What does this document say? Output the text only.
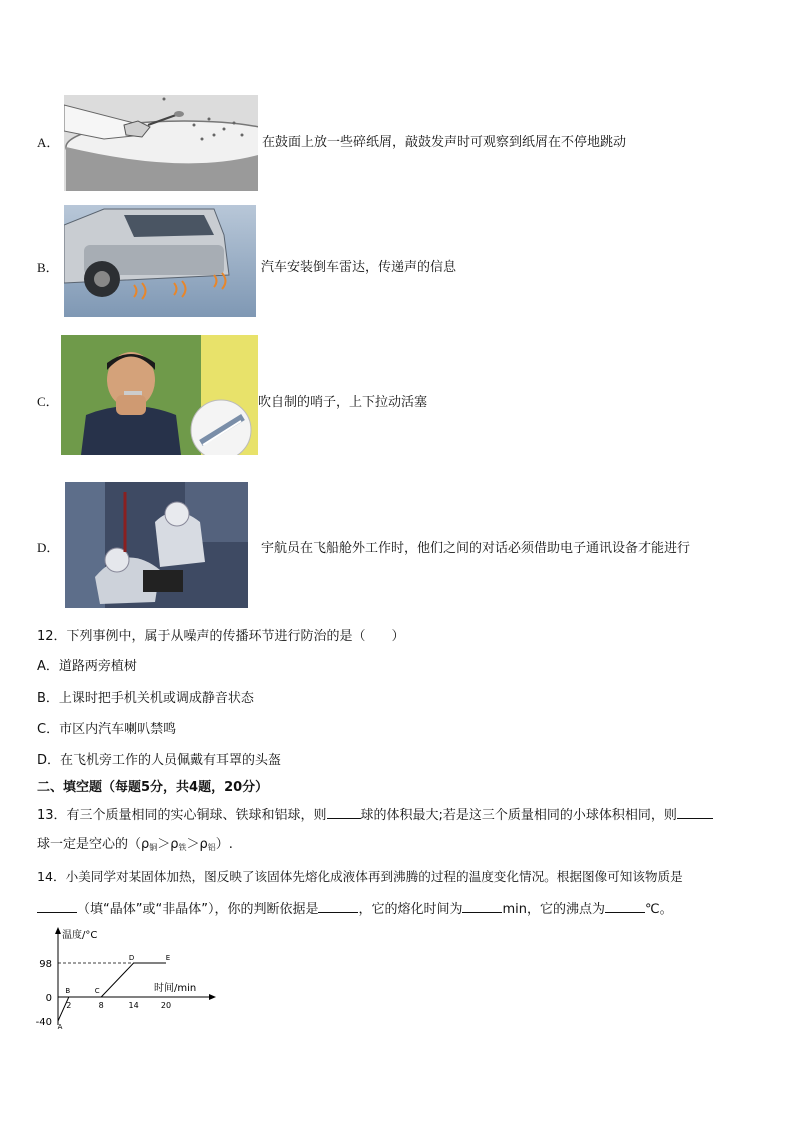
A．	在鼓面上放一些碎纸屑，敲鼓发声时可观察到纸屑在不停地跳动
B．	汽车安装倒车雷达，传递声的信息
C．	吹自制的哨子，上下拉动活塞
D．	宇航员在飞船舱外工作时，他们之间的对话必须借助电子通讯设备才能进行
12．下列事例中，属于从噪声的传播环节进行防治的是（　　）
A．道路两旁植树
B．上课时把手机关机或调成静音状态
C．市区内汽车喇叭禁鸣
D．在飞机旁工作的人员佩戴有耳罩的头盔
二、填空题（每题5分，共4题，20分）
13．有三个质量相同的实心铜球、铁球和铝球，则	球的体积最大;若是这三个质量相同的小球体积相同，则
球一定是空心的$(\rho_铜>\rho_铁>\rho_铝)$.
14．小美同学对某固体加热，图反映了该固体先熔化成液体再到沸腾的过程的温度变化情况。根据图像可知该物质是
（填“晶体”或“非晶体”），你的判断依据是	，它的熔化时间为	min，它的沸点为	℃。
温度/°C
时间/min
98
0
-40
2	8	14	20
A
B	C
D	E
